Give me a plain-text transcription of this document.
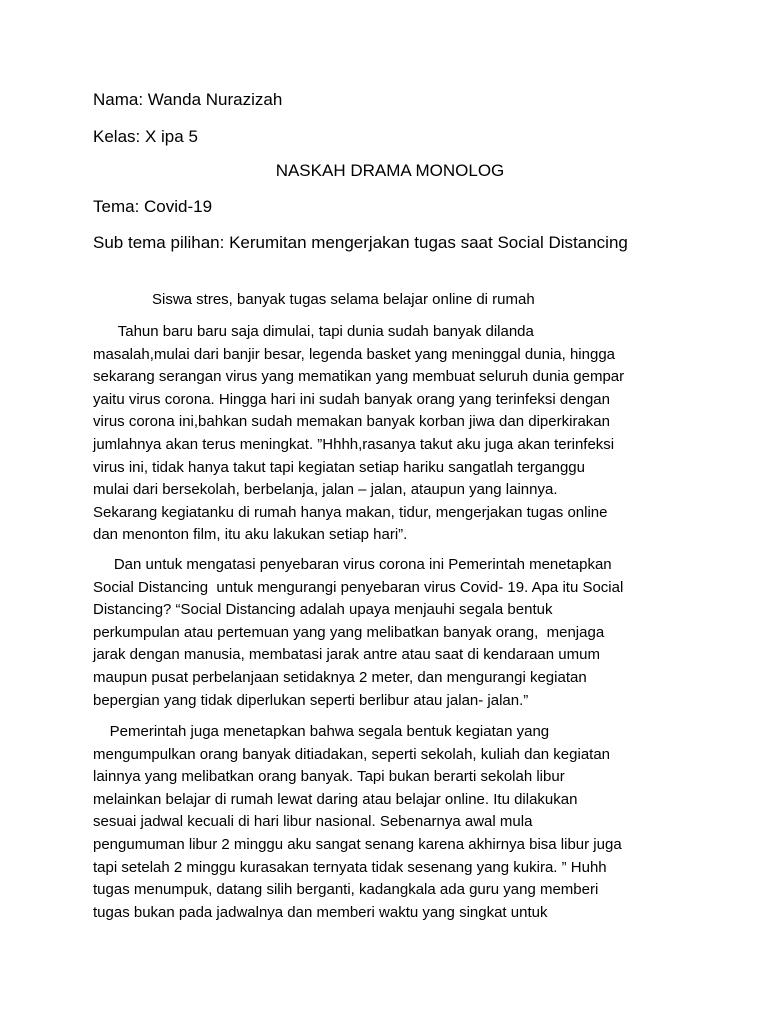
Nama: Wanda Nurazizah
Kelas: X ipa 5
NASKAH DRAMA MONOLOG
Tema: Covid-19
Sub tema pilihan: Kerumitan mengerjakan tugas saat Social Distancing
Siswa stres, banyak tugas selama belajar online di rumah
Tahun baru baru saja dimulai, tapi dunia sudah banyak dilanda
masalah,mulai dari banjir besar, legenda basket yang meninggal dunia, hingga
sekarang serangan virus yang mematikan yang membuat seluruh dunia gempar
yaitu virus corona. Hingga hari ini sudah banyak orang yang terinfeksi dengan
virus corona ini,bahkan sudah memakan banyak korban jiwa dan diperkirakan
jumlahnya akan terus meningkat. ”Hhhh,rasanya takut aku juga akan terinfeksi
virus ini, tidak hanya takut tapi kegiatan setiap hariku sangatlah terganggu
mulai dari bersekolah, berbelanja, jalan – jalan, ataupun yang lainnya.
Sekarang kegiatanku di rumah hanya makan, tidur, mengerjakan tugas online
dan menonton film, itu aku lakukan setiap hari”.
Dan untuk mengatasi penyebaran virus corona ini Pemerintah menetapkan
Social Distancing  untuk mengurangi penyebaran virus Covid- 19. Apa itu Social
Distancing? “Social Distancing adalah upaya menjauhi segala bentuk
perkumpulan atau pertemuan yang yang melibatkan banyak orang,  menjaga
jarak dengan manusia, membatasi jarak antre atau saat di kendaraan umum
maupun pusat perbelanjaan setidaknya 2 meter, dan mengurangi kegiatan
bepergian yang tidak diperlukan seperti berlibur atau jalan- jalan.”
Pemerintah juga menetapkan bahwa segala bentuk kegiatan yang
mengumpulkan orang banyak ditiadakan, seperti sekolah, kuliah dan kegiatan
lainnya yang melibatkan orang banyak. Tapi bukan berarti sekolah libur
melainkan belajar di rumah lewat daring atau belajar online. Itu dilakukan
sesuai jadwal kecuali di hari libur nasional. Sebenarnya awal mula
pengumuman libur 2 minggu aku sangat senang karena akhirnya bisa libur juga
tapi setelah 2 minggu kurasakan ternyata tidak sesenang yang kukira. ” Huhh
tugas menumpuk, datang silih berganti, kadangkala ada guru yang memberi
tugas bukan pada jadwalnya dan memberi waktu yang singkat untuk
